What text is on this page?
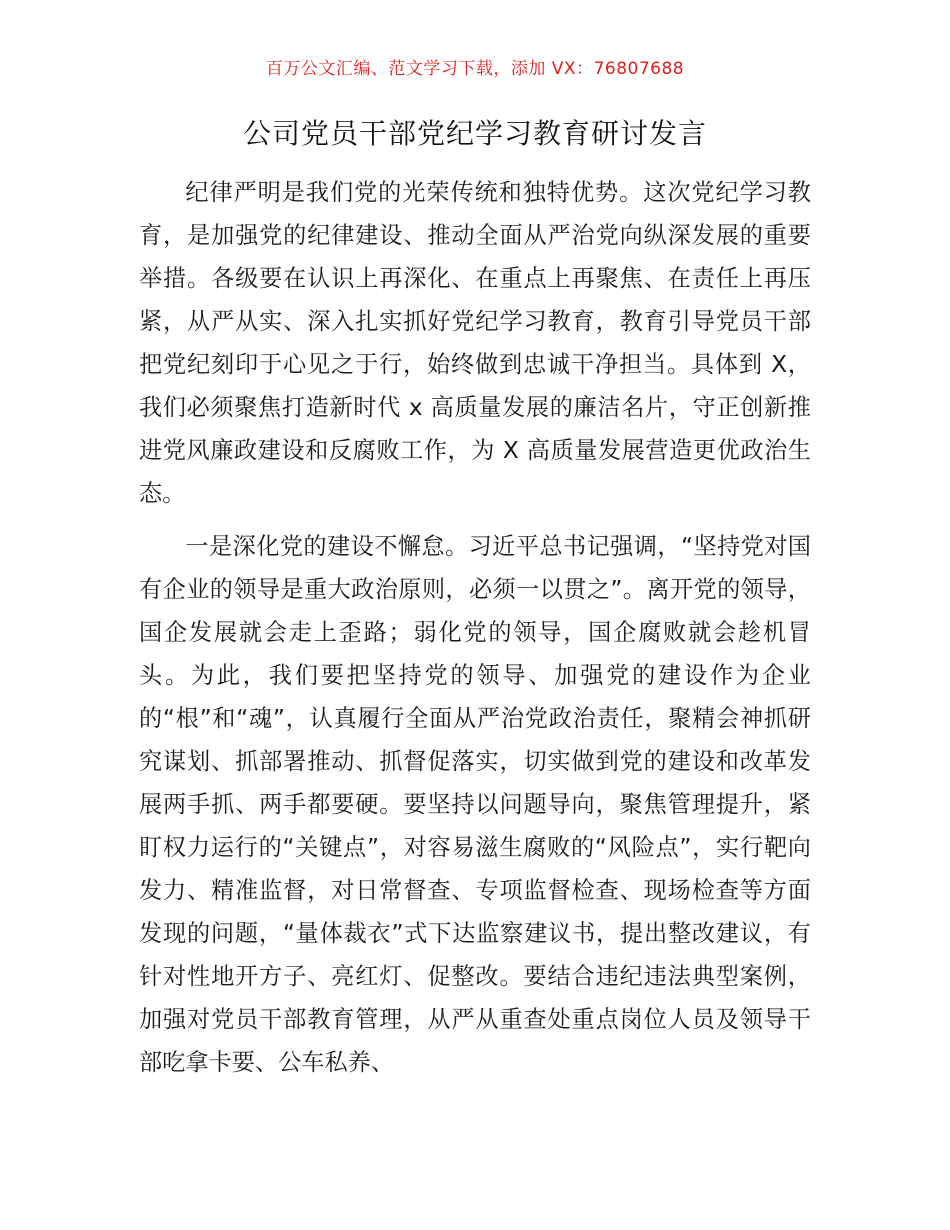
百万公文汇编、范文学习下载，添加 VX：76807688
公司党员干部党纪学习教育研讨发言

纪律严明是我们党的光荣传统和独特优势。这次党纪学习教育，是加强党的纪律建设、推动全面从严治党向纵深发展的重要举措。各级要在认识上再深化、在重点上再聚焦、在责任上再压紧，从严从实、深入扎实抓好党纪学习教育，教育引导党员干部把党纪刻印于心见之于行，始终做到忠诚干净担当。具体到 X，我们必须聚焦打造新时代 x 高质量发展的廉洁名片，守正创新推进党风廉政建设和反腐败工作，为 X 高质量发展营造更优政治生态。

一是深化党的建设不懈怠。习近平总书记强调，“坚持党对国有企业的领导是重大政治原则，必须一以贯之”。离开党的领导，国企发展就会走上歪路；弱化党的领导，国企腐败就会趁机冒头。为此，我们要把坚持党的领导、加强党的建设作为企业的“根”和“魂”，认真履行全面从严治党政治责任，聚精会神抓研究谋划、抓部署推动、抓督促落实，切实做到党的建设和改革发展两手抓、两手都要硬。要坚持以问题导向，聚焦管理提升，紧盯权力运行的“关键点”，对容易滋生腐败的“风险点”，实行靶向发力、精准监督，对日常督查、专项监督检查、现场检查等方面发现的问题，“量体裁衣”式下达监察建议书，提出整改建议，有针对性地开方子、亮红灯、促整改。要结合违纪违法典型案例，加强对党员干部教育管理，从严从重查处重点岗位人员及领导干部吃拿卡要、公车私养、
